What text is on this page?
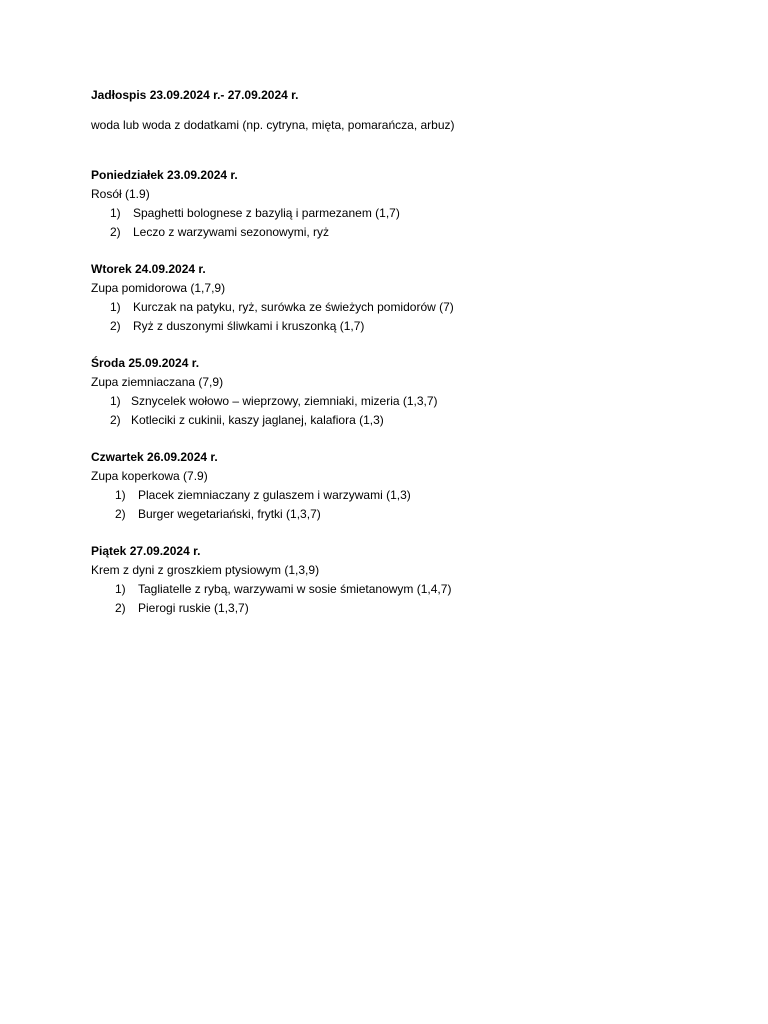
Jadłospis 23.09.2024 r.- 27.09.2024 r.
woda lub woda z dodatkami (np. cytryna, mięta, pomarańcza, arbuz)
Poniedziałek 23.09.2024 r.
Rosół (1.9)
1) Spaghetti bolognese z bazylią i parmezanem (1,7)
2) Leczo z warzywami sezonowymi, ryż
Wtorek 24.09.2024 r.
Zupa pomidorowa (1,7,9)
1) Kurczak na patyku, ryż, surówka ze świeżych pomidorów (7)
2) Ryż z duszonymi śliwkami i kruszonką (1,7)
Środa 25.09.2024 r.
Zupa ziemniaczana (7,9)
1) Sznycelek wołowo – wieprzowy, ziemniaki, mizeria (1,3,7)
2) Kotleciki z cukinii, kaszy jaglanej, kalafiora (1,3)
Czwartek 26.09.2024 r.
Zupa koperkowa (7.9)
1) Placek ziemniaczany z gulaszem i warzywami (1,3)
2) Burger wegetariański, frytki (1,3,7)
Piątek 27.09.2024 r.
Krem z dyni z groszkiem ptysiowym (1,3,9)
1) Tagliatelle z rybą, warzywami w sosie śmietanowym (1,4,7)
2) Pierogi ruskie (1,3,7)
